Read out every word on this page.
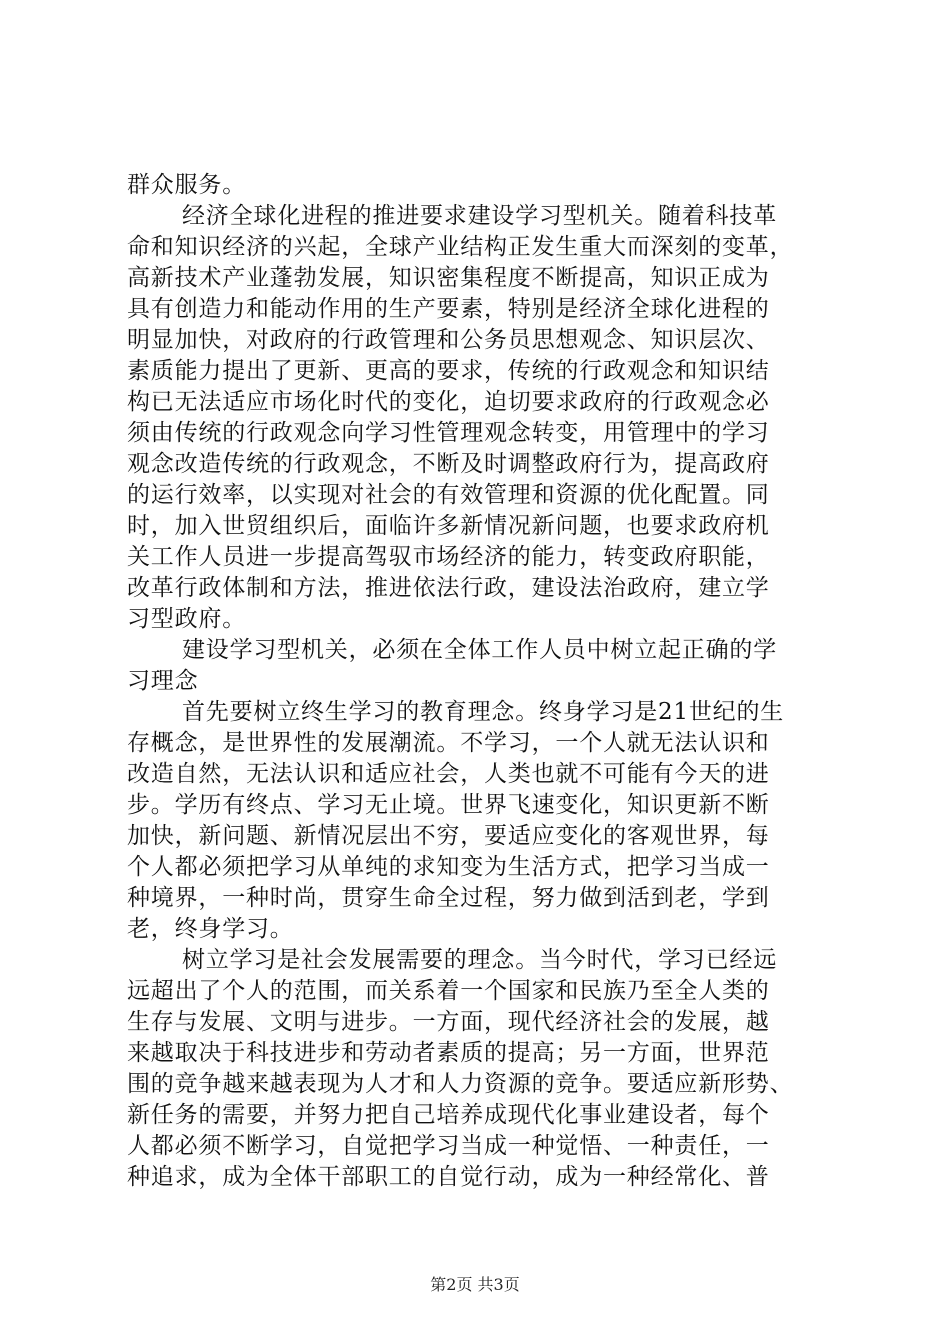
群众服务。
经济全球化进程的推进要求建设学习型机关。随着科技革
命和知识经济的兴起，全球产业结构正发生重大而深刻的变革，
高新技术产业蓬勃发展，知识密集程度不断提高，知识正成为
具有创造力和能动作用的生产要素，特别是经济全球化进程的
明显加快，对政府的行政管理和公务员思想观念、知识层次、
素质能力提出了更新、更高的要求，传统的行政观念和知识结
构已无法适应市场化时代的变化，迫切要求政府的行政观念必
须由传统的行政观念向学习性管理观念转变，用管理中的学习
观念改造传统的行政观念，不断及时调整政府行为，提高政府
的运行效率，以实现对社会的有效管理和资源的优化配置。同
时，加入世贸组织后，面临许多新情况新问题，也要求政府机
关工作人员进一步提高驾驭市场经济的能力，转变政府职能，
改革行政体制和方法，推进依法行政，建设法治政府，建立学
习型政府。
建设学习型机关，必须在全体工作人员中树立起正确的学
习理念
首先要树立终生学习的教育理念。终身学习是21世纪的生
存概念，是世界性的发展潮流。不学习，一个人就无法认识和
改造自然，无法认识和适应社会，人类也就不可能有今天的进
步。学历有终点、学习无止境。世界飞速变化，知识更新不断
加快，新问题、新情况层出不穷，要适应变化的客观世界，每
个人都必须把学习从单纯的求知变为生活方式，把学习当成一
种境界，一种时尚，贯穿生命全过程，努力做到活到老，学到
老，终身学习。
树立学习是社会发展需要的理念。当今时代，学习已经远
远超出了个人的范围，而关系着一个国家和民族乃至全人类的
生存与发展、文明与进步。一方面，现代经济社会的发展，越
来越取决于科技进步和劳动者素质的提高；另一方面，世界范
围的竞争越来越表现为人才和人力资源的竞争。要适应新形势、
新任务的需要，并努力把自己培养成现代化事业建设者，每个
人都必须不断学习，自觉把学习当成一种觉悟、一种责任，一
种追求，成为全体干部职工的自觉行动，成为一种经常化、普
第2页 共3页
